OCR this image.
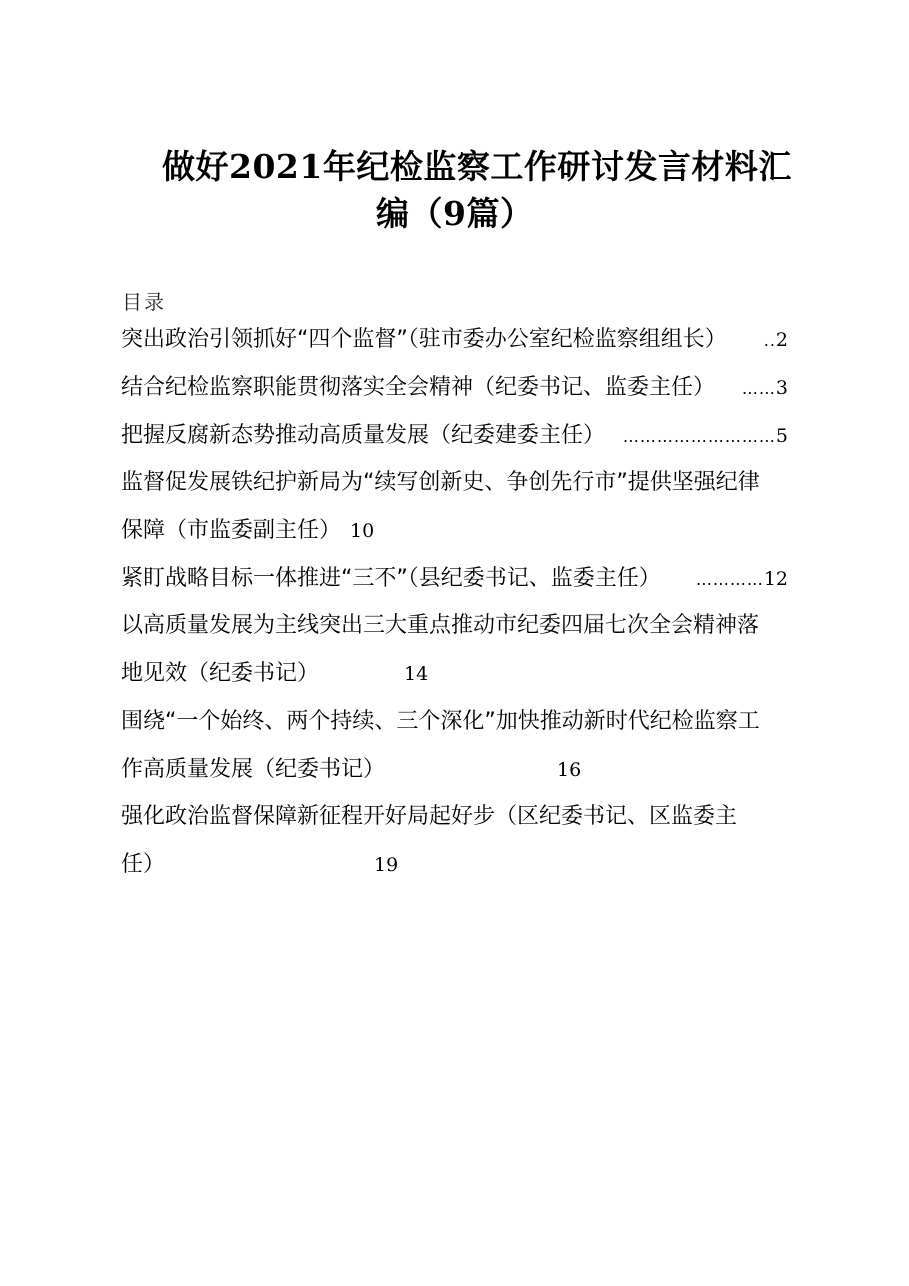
做好2021年纪检监察工作研讨发言材料汇
编（9篇）
目录
突出政治引领抓好“四个监督”（驻市委办公室纪检监察组组长） ..2
结合纪检监察职能贯彻落实全会精神（纪委书记、监委主任） ……3
把握反腐新态势推动高质量发展（纪委建委主任） ………………………5
监督促发展铁纪护新局为“续写创新史、争创先行市”提供坚强纪律
保障（市监委副主任） 10
紧盯战略目标一体推进“三不”（县纪委书记、监委主任） …………12
以高质量发展为主线突出三大重点推动市纪委四届七次全会精神落
地见效（纪委书记）	14
围绕“一个始终、两个持续、三个深化”加快推动新时代纪检监察工
作高质量发展（纪委书记）	16
强化政治监督保障新征程开好局起好步（区纪委书记、区监委主
任）	19
